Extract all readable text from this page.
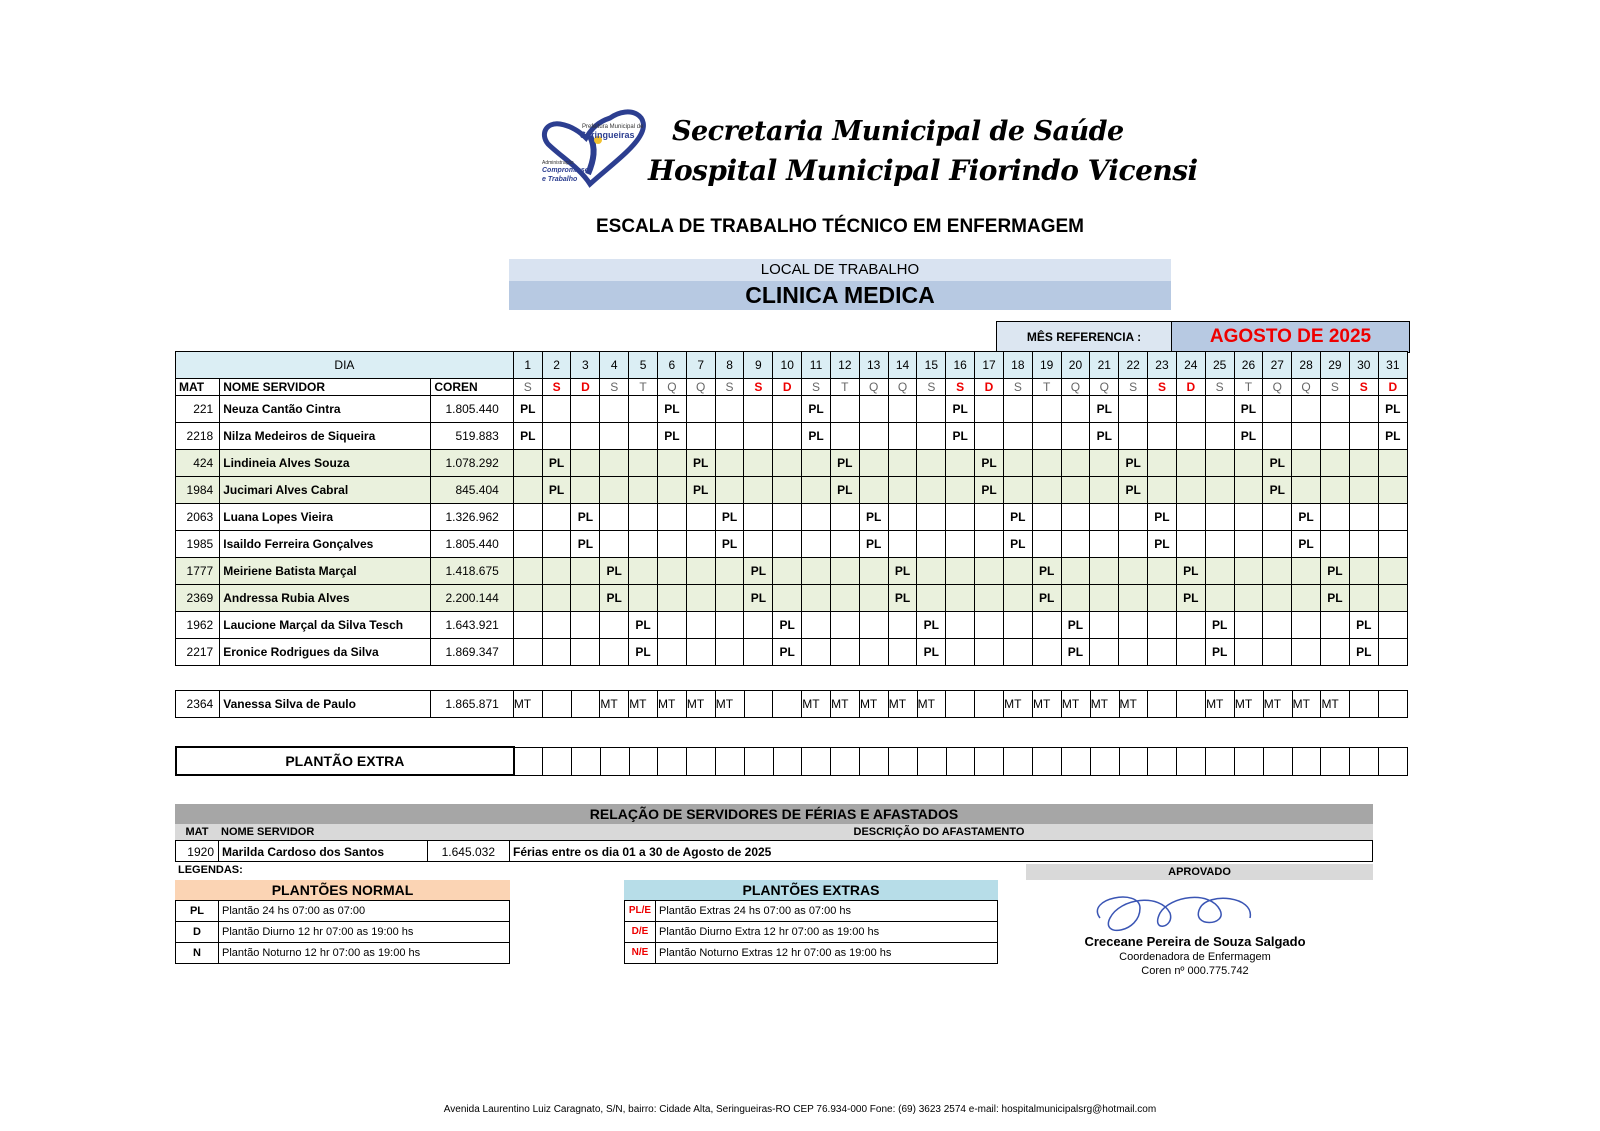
Prefeitura Municipal de
Seringueiras
Administração
Compromisso
e Trabalho
Secretaria Municipal de Saúde
Hospital Municipal Fiorindo Vicensi
ESCALA DE TRABALHO TÉCNICO EM ENFERMAGEM
LOCAL DE TRABALHO
CLINICA MEDICA
MÊS REFERENCIA :	AGOSTO DE 2025
DIA			1	2	3	4	5	6	7	8	9	10	11	12	13	14	15	16	17	18	19	20	21	22	23	24	25	26	27	28	29	30	31
MAT	NOME SERVIDOR	COREN	S	S	D	S	T	Q	Q	S	S	D	S	T	Q	Q	S	S	D	S	T	Q	Q	S	S	D	S	T	Q	Q	S	S	D
221	Neuza Cantão Cintra	1.805.440	PL					PL					PL					PL					PL					PL					PL
2218	Nilza Medeiros de Siqueira	519.883	PL					PL					PL					PL					PL					PL					PL
424	Lindineia Alves Souza	1.078.292		PL					PL					PL					PL					PL					PL				
1984	Jucimari Alves Cabral	845.404		PL					PL					PL					PL					PL					PL				
2063	Luana Lopes Vieira	1.326.962			PL					PL					PL					PL					PL					PL			
1985	Isaildo Ferreira Gonçalves	1.805.440			PL					PL					PL					PL					PL					PL			
1777	Meiriene Batista Marçal	1.418.675				PL					PL					PL					PL					PL					PL		
2369	Andressa Rubia Alves	2.200.144				PL					PL					PL					PL					PL					PL		
1962	Laucione Marçal da Silva Tesch	1.643.921					PL					PL					PL					PL					PL					PL	
2217	Eronice Rodrigues da Silva	1.869.347					PL					PL					PL					PL					PL					PL	
2364	Vanessa Silva de Paulo	1.865.871	MT			MT	MT	MT	MT	MT			MT	MT	MT	MT	MT			MT	MT	MT	MT	MT			MT	MT	MT	MT	MT		
PLANTÃO EXTRA																															
RELAÇÃO DE SERVIDORES DE FÉRIAS E AFASTADOS
MAT	NOME SERVIDOR	DESCRIÇÃO DO AFASTAMENTO
1920 Marilda Cardoso dos Santos	1.645.032	Férias entre os dia 01 a 30 de Agosto de 2025
LEGENDAS:	APROVADO
PLANTÕES NORMAL
PL	Plantão 24 hs 07:00 as 07:00
D	Plantão Diurno 12 hr 07:00 as 19:00 hs
N	Plantão Noturno 12 hr 07:00 as 19:00 hs
PLANTÕES EXTRAS
PL/E Plantão Extras 24 hs 07:00 as 07:00 hs
D/E Plantão Diurno Extra 12 hr 07:00 as 19:00 hs
N/E Plantão Noturno Extras 12 hr 07:00 as 19:00 hs
Creceane Pereira de Souza Salgado
Coordenadora de Enfermagem
Coren nº 000.775.742
Avenida Laurentino Luiz Caragnato, S/N, bairro: Cidade Alta, Seringueiras-RO CEP 76.934-000 Fone: (69) 3623 2574 e-mail: hospitalmunicipalsrg@hotmail.com
